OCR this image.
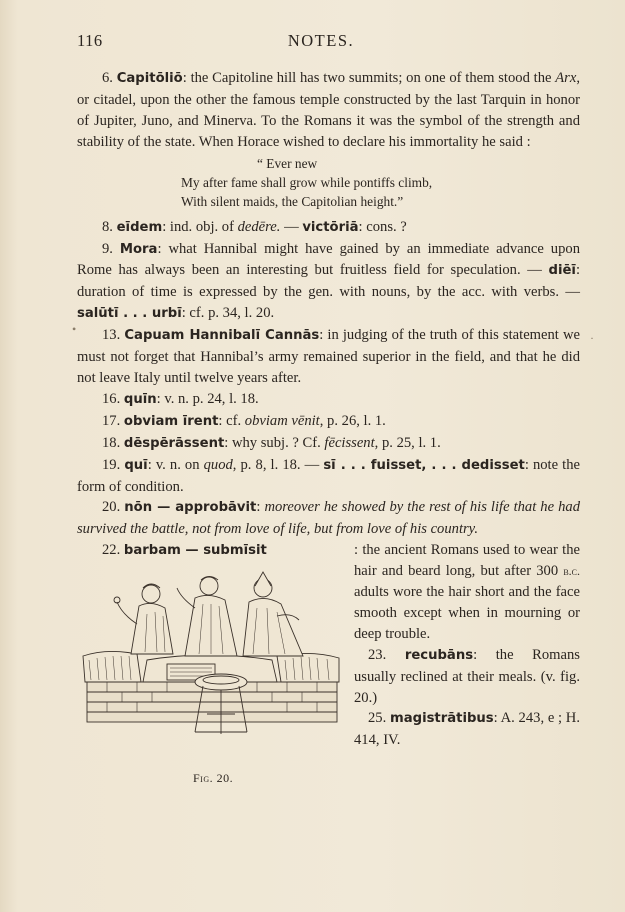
116	NOTES.
•
·

6. Capitōliō: the Capitoline hill has two summits; on one of them stood the Arx, or citadel, upon the other the famous temple constructed by the last Tarquin in honor of Jupiter, Juno, and Minerva. To the Romans it was the symbol of the strength and stability of the state. When Horace wished to declare his immortality he said :

“ Ever new
My after fame shall grow while pontiffs climb,
With silent maids, the Capitolian height.”

8. eīdem: ind. obj. of dedēre. — victōriā: cons. ?

9. Mora: what Hannibal might have gained by an immediate advance upon Rome has always been an interesting but fruitless field for speculation. — diēī: duration of time is expressed by the gen. with nouns, by the acc. with verbs. — salūtī . . . urbī: cf. p. 34, l. 20.

13. Capuam Hannibalī Cannās: in judging of the truth of this statement we must not forget that Hannibal’s army remained superior in the field, and that he did not leave Italy until twelve years after.

16. quīn: v. n. p. 24, l. 18.

17. obviam īrent: cf. obviam vēnit, p. 26, l. 1.

18. dēspērāssent: why subj. ? Cf. fēcissent, p. 25, l. 1.

19. quī: v. n. on quod, p. 8, l. 18. — sī . . . fuisset, . . . dedisset: note the form of condition.

20. nōn — approbāvit: moreover he showed by the rest of his life that he had survived the battle, not from love of life, but from love of his country.

22. barbam — submīsit

Fig. 20.

: the ancient Romans used to wear the hair and beard long, but after 300 b.c. adults wore the hair short and the face smooth except when in mourning or deep trouble.

23. recubāns: the Romans usually reclined at their meals. (v. fig. 20.)

25. magistrātibus: A. 243, e ; H. 414, IV.
